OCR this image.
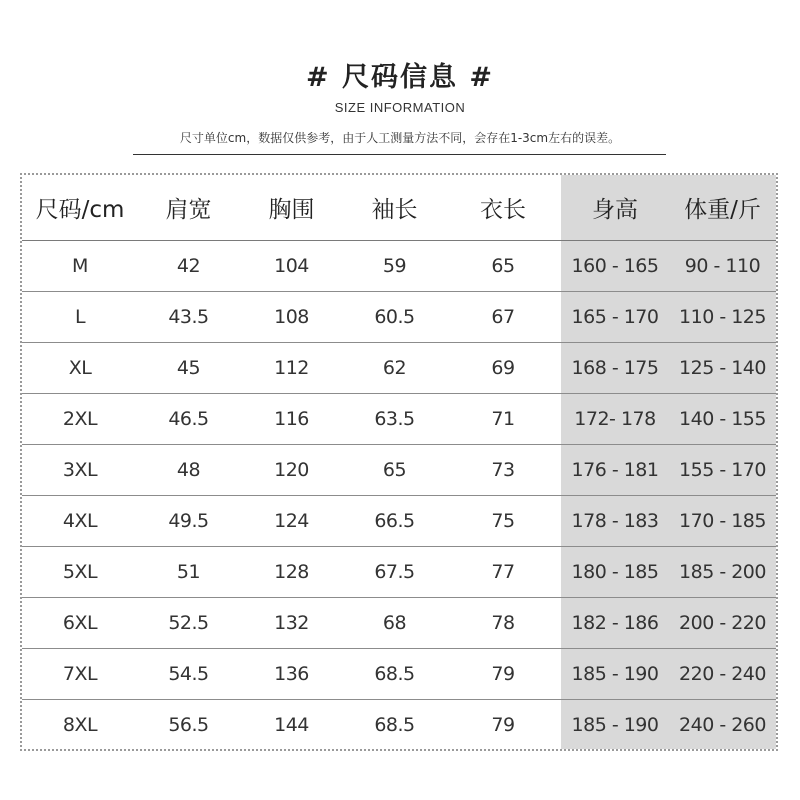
# 尺码信息 #
SIZE INFORMATION
尺寸单位cm，数据仅供参考，由于人工测量方法不同，会存在1-3cm左右的误差。
尺码/cm	肩宽	胸围	袖长	衣长	身高	体重/斤
M	42	104	59	65	160 - 165	90 - 110
L	43.5	108	60.5	67	165 - 170	110 - 125
XL	45	112	62	69	168 - 175	125 - 140
2XL	46.5	116	63.5	71	172- 178	140 - 155
3XL	48	120	65	73	176 - 181	155 - 170
4XL	49.5	124	66.5	75	178 - 183	170 - 185
5XL	51	128	67.5	77	180 - 185	185 - 200
6XL	52.5	132	68	78	182 - 186	200 - 220
7XL	54.5	136	68.5	79	185 - 190	220 - 240
8XL	56.5	144	68.5	79	185 - 190	240 - 260
